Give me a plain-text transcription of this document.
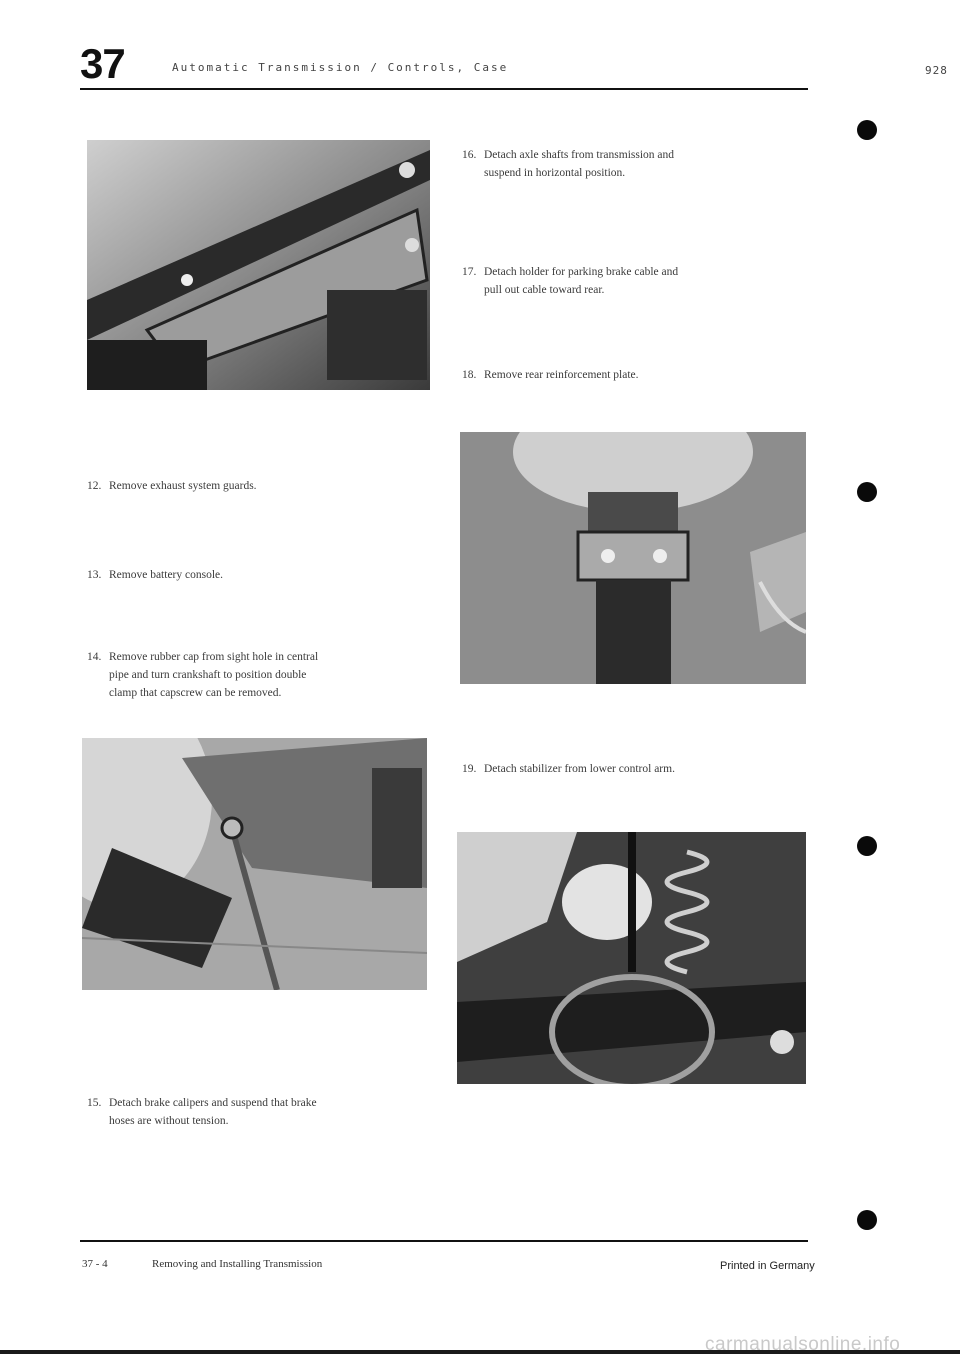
37	Automatic Transmission / Controls, Case	928
12. Remove exhaust system guards.
13. Remove battery console.
14. Remove rubber cap from sight hole in central
pipe and turn crankshaft to position double
clamp that capscrew can be removed.
15. Detach brake calipers and suspend that brake
hoses are without tension.
16. Detach axle shafts from transmission and
suspend in horizontal position.
17. Detach holder for parking brake cable and
pull out cable toward rear.
18. Remove rear reinforcement plate.
19. Detach stabilizer from lower control arm.
37 - 4	Removing and Installing Transmission	Printed in Germany
carmanualsonline.info
